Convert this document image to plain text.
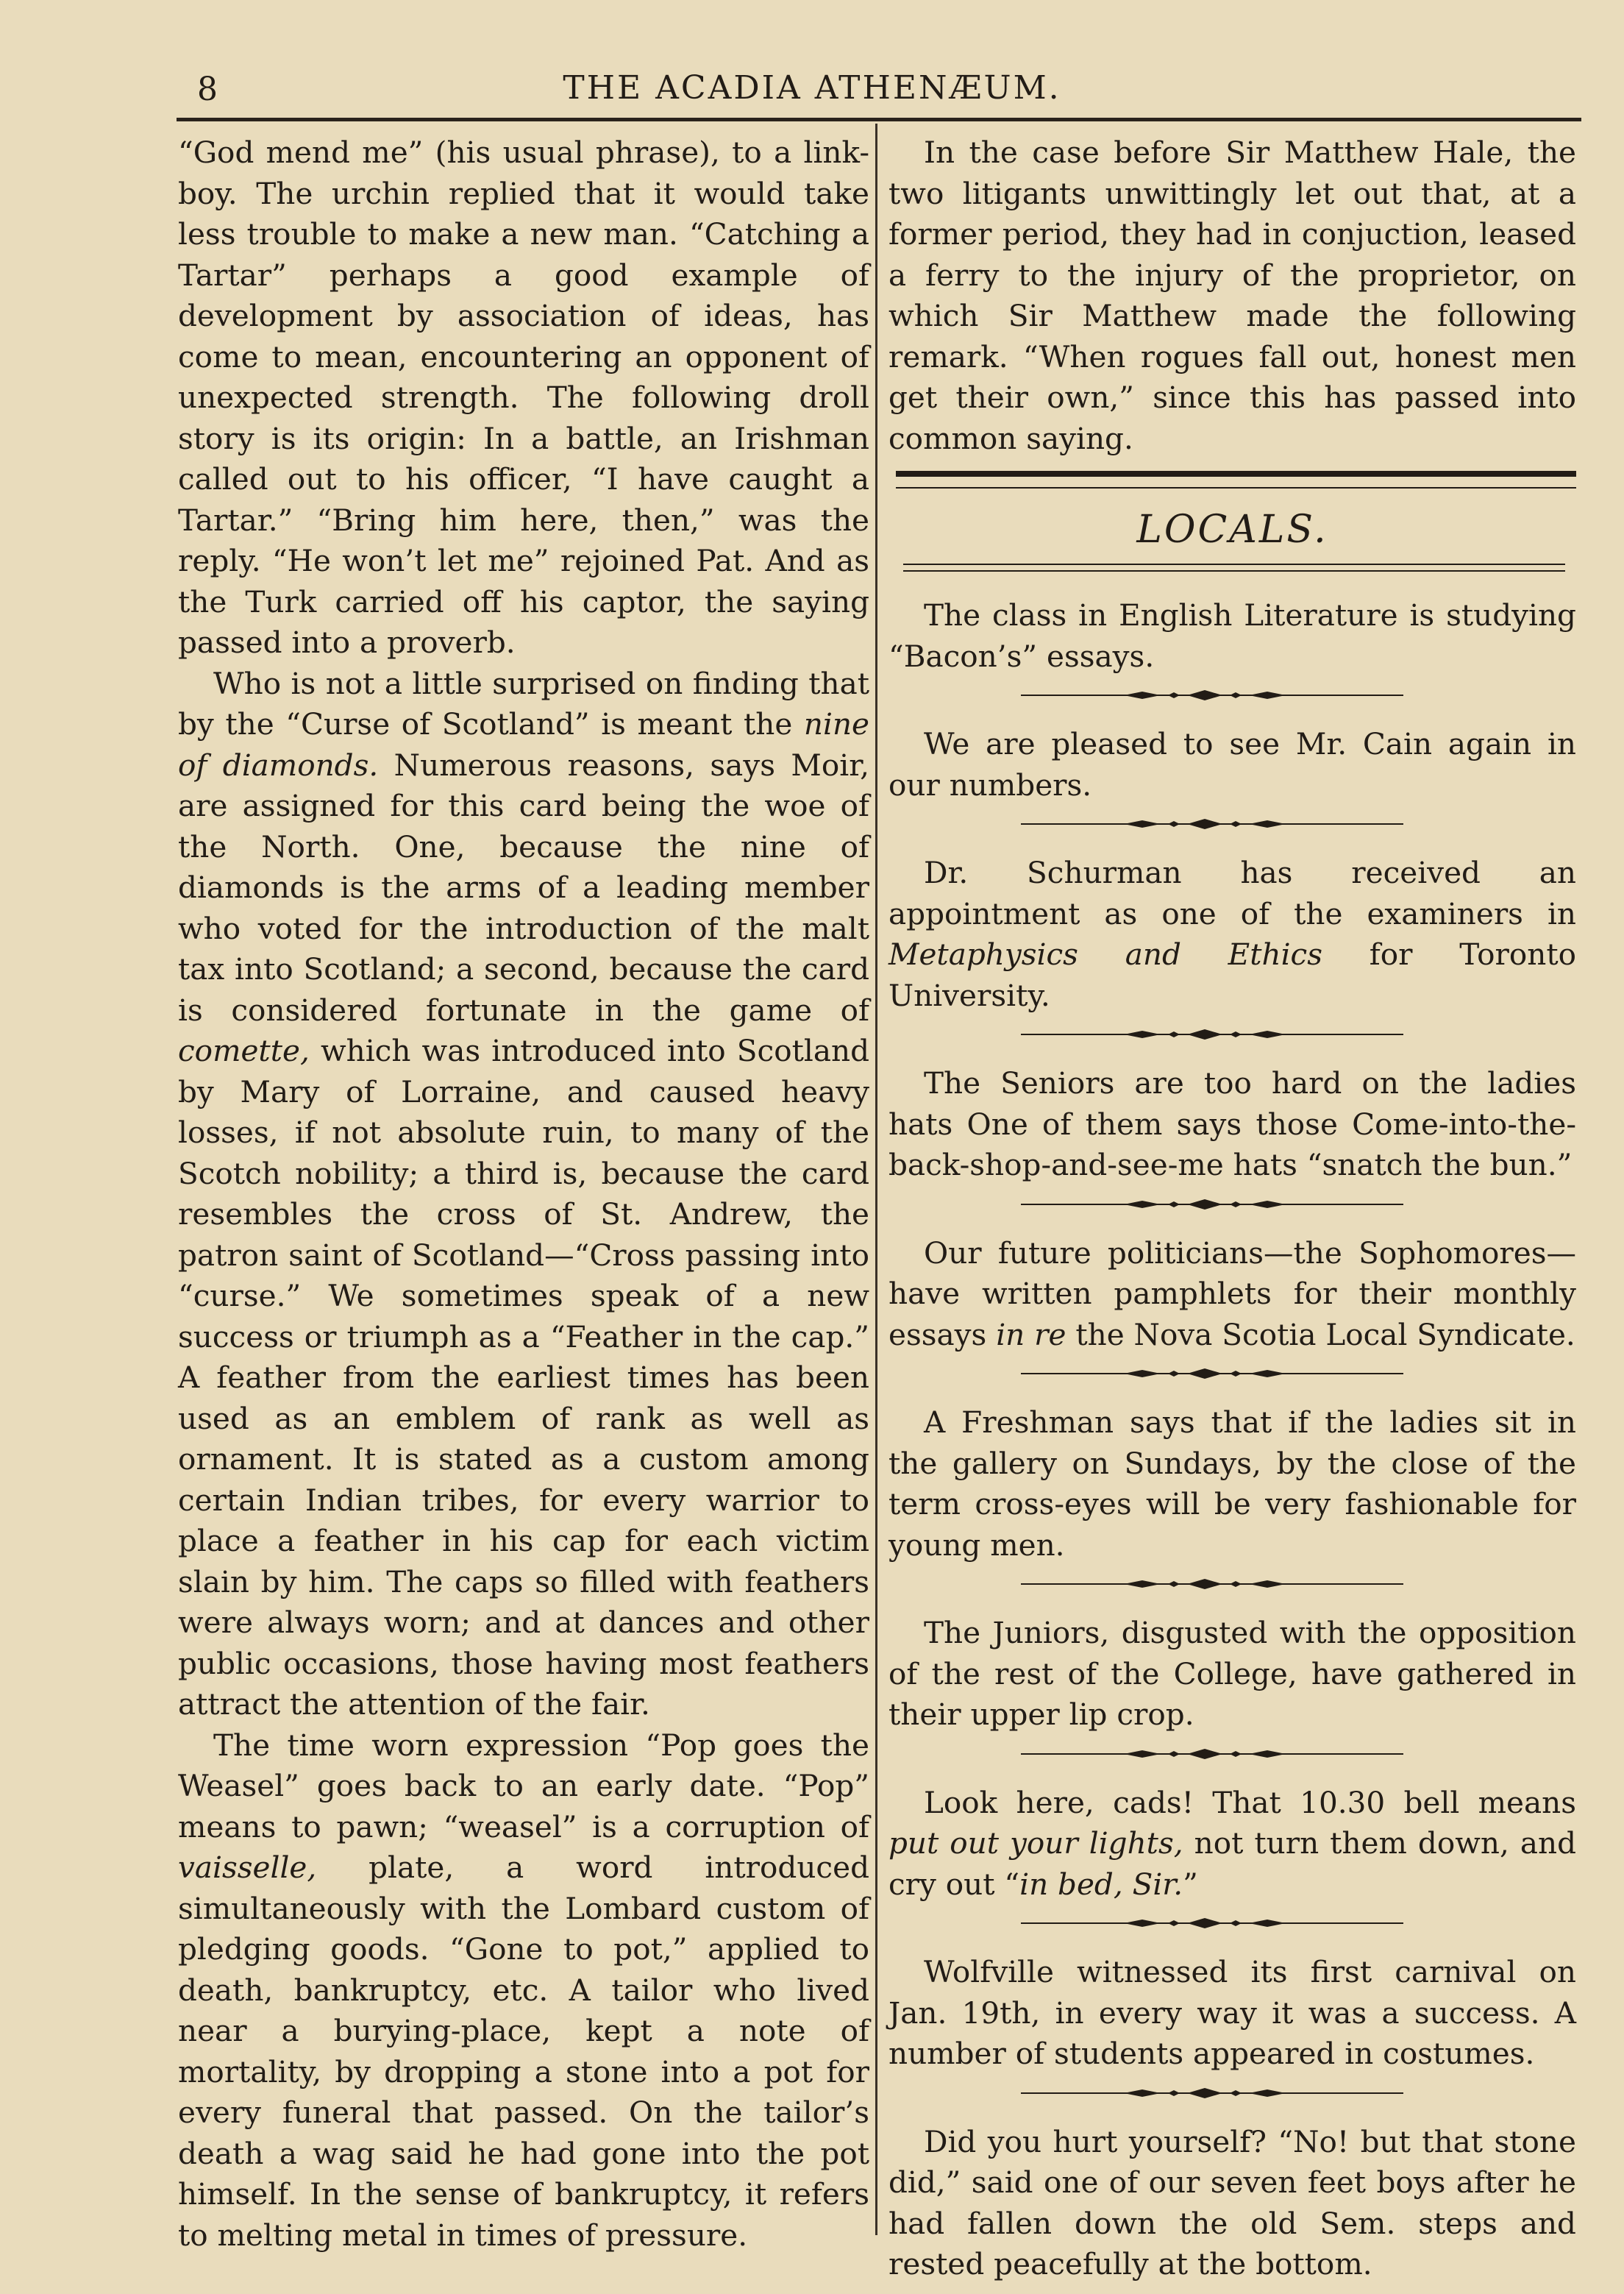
8	THE ACADIA ATHENÆUM.

“God mend me” (his usual phrase), to a link-boy. The urchin replied that it would take less trouble to make a new man. “Catching a Tartar” perhaps a good example of development by association of ideas, has come to mean, encountering an opponent of unexpected strength. The following droll story is its origin: In a battle, an Irishman called out to his officer, “I have caught a Tartar.” “Bring him here, then,” was the reply. “He won’t let me” rejoined Pat. And as the Turk carried off his captor, the saying passed into a proverb.

Who is not a little surprised on finding that by the “Curse of Scotland” is meant the nine of diamonds. Numerous reasons, says Moir, are assigned for this card being the woe of the North. One, because the nine of diamonds is the arms of a leading member who voted for the introduction of the malt tax into Scotland; a second, because the card is considered fortunate in the game of comette, which was introduced into Scotland by Mary of Lorraine, and caused heavy losses, if not absolute ruin, to many of the Scotch nobility; a third is, because the card resembles the cross of St. Andrew, the patron saint of Scotland—“Cross passing into “curse.” We sometimes speak of a new success or triumph as a “Feather in the cap.” A feather from the earliest times has been used as an emblem of rank as well as ornament. It is stated as a custom among certain Indian tribes, for every warrior to place a feather in his cap for each victim slain by him. The caps so filled with feathers were always worn; and at dances and other public occasions, those having most feathers attract the attention of the fair.

The time worn expression “Pop goes the Weasel” goes back to an early date. “Pop” means to pawn; “weasel” is a corruption of vaisselle, plate, a word introduced simultaneously with the Lombard custom of pledging goods. “Gone to pot,” applied to death, bankruptcy, etc. A tailor who lived near a burying-place, kept a note of mortality, by dropping a stone into a pot for every funeral that passed. On the tailor’s death a wag said he had gone into the pot himself. In the sense of bankruptcy, it refers to melting metal in times of pressure.

In the case before Sir Matthew Hale, the two litigants unwittingly let out that, at a former period, they had in conjuction, leased a ferry to the injury of the proprietor, on which Sir Matthew made the following remark. “When rogues fall out, honest men get their own,” since this has passed into common saying.

LOCALS.

The class in English Literature is studying “Bacon’s” essays.

We are pleased to see Mr. Cain again in our numbers.

Dr. Schurman has received an appointment as one of the examiners in Metaphysics and Ethics for Toronto University.

The Seniors are too hard on the ladies hats One of them says those Come-into-the-back-shop-and-see-me hats “snatch the bun.”

Our future politicians—the Sophomores—have written pamphlets for their monthly essays in re the Nova Scotia Local Syndicate.

A Freshman says that if the ladies sit in the gallery on Sundays, by the close of the term cross-eyes will be very fashionable for young men.

The Juniors, disgusted with the opposition of the rest of the College, have gathered in their upper lip crop.

Look here, cads! That 10.30 bell means put out your lights, not turn them down, and cry out “in bed, Sir.”

Wolfville witnessed its first carnival on Jan. 19th, in every way it was a success. A number of students appeared in costumes.

Did you hurt yourself? “No! but that stone did,” said one of our seven feet boys after he had fallen down the old Sem. steps and rested peacefully at the bottom.
